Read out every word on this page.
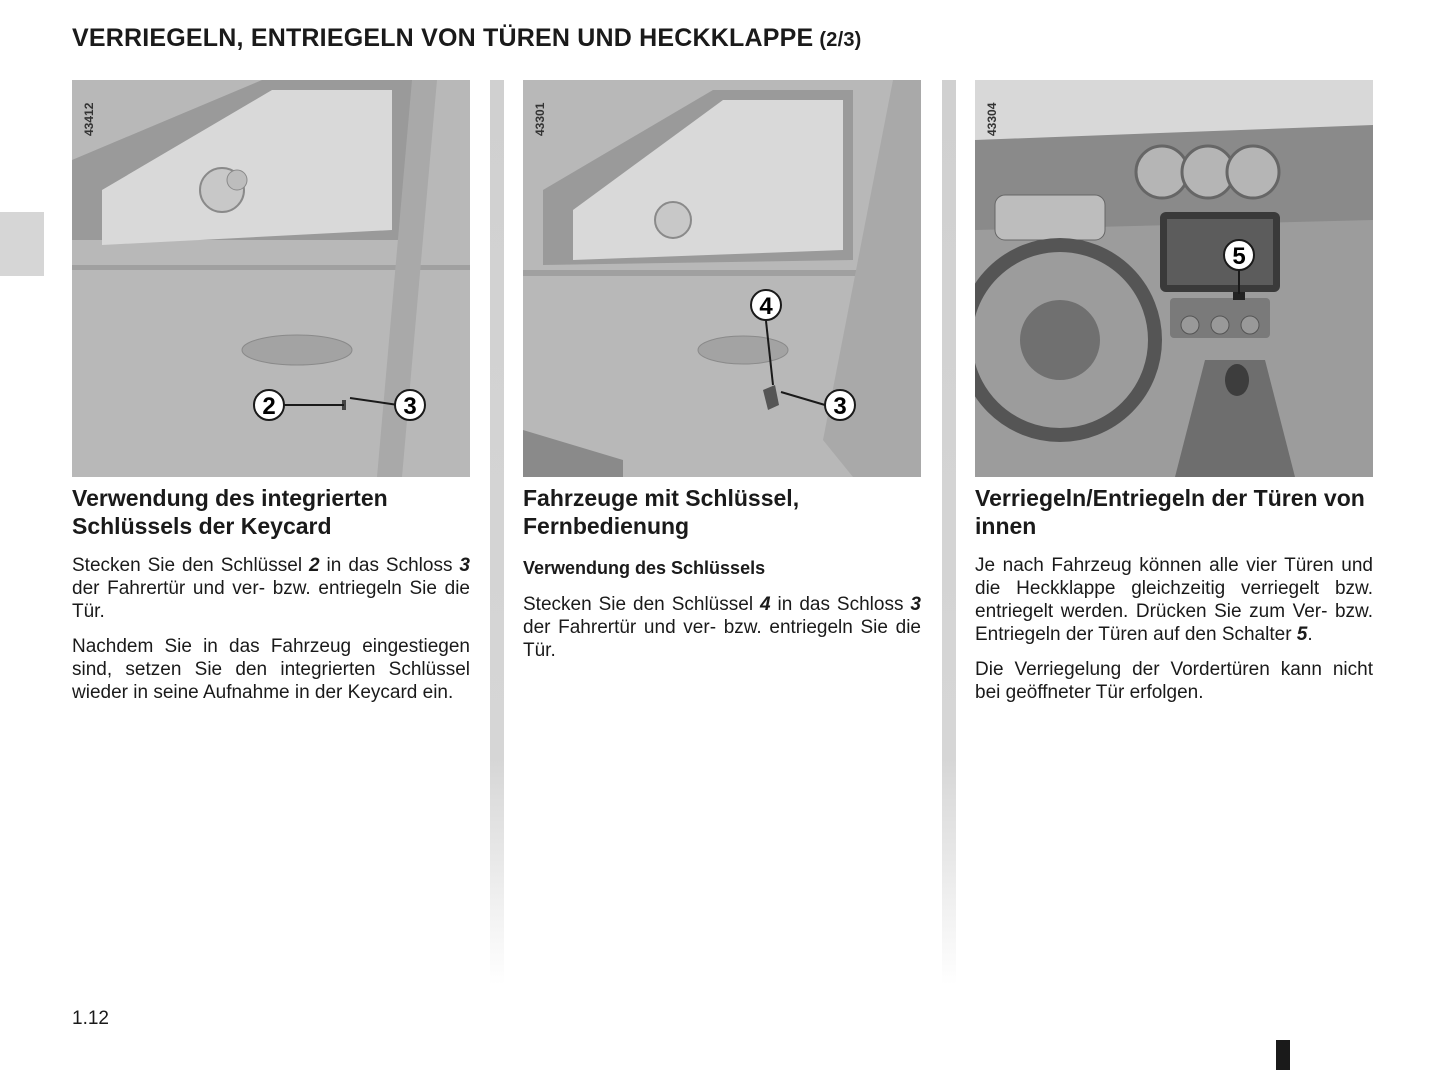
VERRIEGELN, ENTRIEGELN VON TÜREN UND HECKKLAPPE (2/3)
43412
2	3
43301
4
3
43304
5
Verwendung des integrierten Schlüssels der Keycard

Stecken Sie den Schlüssel 2 in das Schloss 3 der Fahrertür und ver- bzw. entriegeln Sie die Tür.

Nachdem Sie in das Fahrzeug eingestiegen sind, setzen Sie den integrierten Schlüssel wieder in seine Aufnahme in der Keycard ein.

Fahrzeuge mit Schlüssel, Fernbedienung
Verwendung des Schlüssels

Stecken Sie den Schlüssel 4 in das Schloss 3 der Fahrertür und ver- bzw. entriegeln Sie die Tür.

Verriegeln/Entriegeln der Türen von innen

Je nach Fahrzeug können alle vier Türen und die Heckklappe gleichzeitig verriegelt bzw. entriegelt werden. Drücken Sie zum Ver- bzw. Entriegeln der Türen auf den Schalter 5.

Die Verriegelung der Vordertüren kann nicht bei geöffneter Tür erfolgen.

1.12
